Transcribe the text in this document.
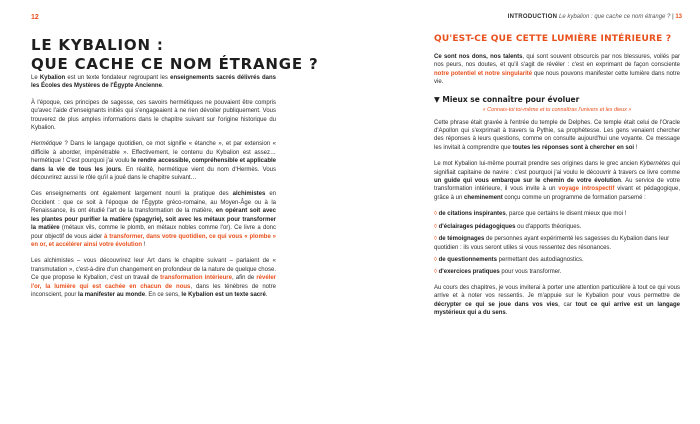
12
LE KYBALION :
QUE CACHE CE NOM ÉTRANGE ?

Le Kybalion est un texte fondateur regroupant les enseignements sacrés délivrés dans les Écoles des Mystères de l'Égypte Ancienne.

À l'époque, ces principes de sagesse, ces savoirs hermétiques ne pouvaient être compris qu'avec l'aide d'enseignants initiés qui s'engageaient à ne rien dévoiler publiquement. Vous trouverez de plus amples informations dans le chapitre suivant sur l'origine historique du Kybalion.

Hermétique ? Dans le langage quotidien, ce mot signifie « étanche », et par extension « difficile à aborder, impénétrable ». Effectivement, le contenu du Kybalion est assez… hermétique ! C'est pourquoi j'ai voulu le rendre accessible, compréhensible et applicable dans la vie de tous les jours. En réalité, hermétique vient du nom d'Hermès. Vous découvrirez aussi le rôle qu'il a joué dans le chapitre suivant…

Ces enseignements ont également largement nourri la pratique des alchimistes en Occident : que ce soit à l'époque de l'Égypte gréco-romaine, au Moyen-Âge ou à la Renaissance, ils ont étudié l'art de la transformation de la matière, en opérant soit avec les plantes pour purifier la matière (spagyrie), soit avec les métaux pour transformer la matière (métaux vils, comme le plomb, en métaux nobles comme l'or). Ce livre a donc pour objectif de vous aider à transformer, dans votre quotidien, ce qui vous « plombe » en or, et accélérer ainsi votre évolution !

Les alchimistes – vous découvrirez leur Art dans le chapitre suivant – parlaient de « transmutation », c'est-à-dire d'un changement en profondeur de la nature de quelque chose. Ce que propose le Kybalion, c'est un travail de transformation intérieure, afin de révéler l'or, la lumière qui est cachée en chacun de nous, dans les ténèbres de notre inconscient, pour la manifester au monde. En ce sens, le Kybalion est un texte sacré.

INTRODUCTION Le kybalion : que cache ce nom étrange ? | 13
QU'EST-CE QUE CETTE LUMIÈRE INTÉRIEURE ?

Ce sont nos dons, nos talents, qui sont souvent obscurcis par nos blessures, voilés par nos peurs, nos doutes, et qu'il s'agit de révéler : c'est en exprimant de façon consciente notre potentiel et notre singularité que nous pouvons manifester cette lumière dans notre vie.

▼ Mieux se connaître pour évoluer
« Connais-toi toi-même et tu connaîtras l'univers et les dieux »

Cette phrase était gravée à l'entrée du temple de Delphes. Ce temple était celui de l'Oracle d'Apollon qui s'exprimait à travers la Pythie, sa prophétesse. Les gens venaient chercher des réponses à leurs questions, comme on consulte aujourd'hui une voyante. Ce message les invitait à comprendre que toutes les réponses sont à chercher en soi !

Le mot Kybalion lui-même pourrait prendre ses origines dans le grec ancien Kybernètes qui signifiait capitaine de navire : c'est pourquoi j'ai voulu le découvrir à travers ce livre comme un guide qui vous embarque sur le chemin de votre évolution. Au service de votre transformation intérieure, il vous invite à un voyage introspectif vivant et pédagogique, grâce à un cheminement conçu comme un programme de formation parsemé :

◊ de citations inspirantes, parce que certains le disent mieux que moi !
◊ d'éclairages pédagogiques ou d'apports théoriques.
◊ de témoignages de personnes ayant expérimenté les sagesses du Kybalion dans leur quotidien : ils vous seront utiles si vous ressentez des résonances.
◊ de questionnements permettant des autodiagnostics.
◊ d'exercices pratiques pour vous transformer.

Au cours des chapitres, je vous inviterai à porter une attention particulière à tout ce qui vous arrive et à noter vos ressentis. Je m'appuie sur le Kybalion pour vous permettre de décrypter ce qui se joue dans vos vies, car tout ce qui arrive est un langage mystérieux qui a du sens.
